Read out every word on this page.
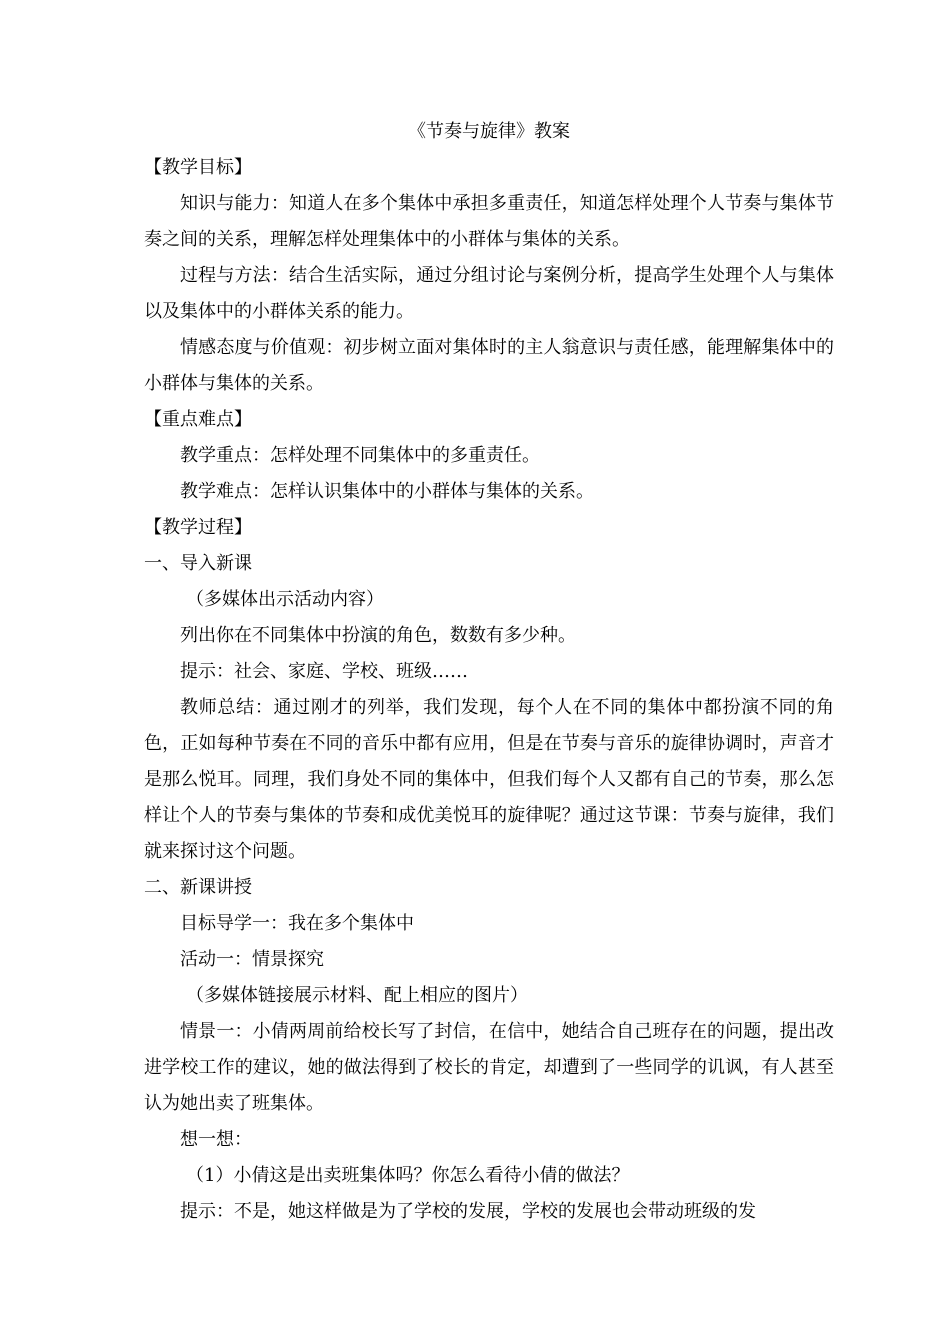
《节奏与旋律》教案

【教学目标】

知识与能力：知道人在多个集体中承担多重责任，知道怎样处理个人节奏与集体节奏之间的关系，理解怎样处理集体中的小群体与集体的关系。

过程与方法：结合生活实际，通过分组讨论与案例分析，提高学生处理个人与集体以及集体中的小群体关系的能力。

情感态度与价值观：初步树立面对集体时的主人翁意识与责任感，能理解集体中的小群体与集体的关系。

【重点难点】

教学重点：怎样处理不同集体中的多重责任。

教学难点：怎样认识集体中的小群体与集体的关系。

【教学过程】

一、导入新课

（多媒体出示活动内容）

列出你在不同集体中扮演的角色，数数有多少种。

提示：社会、家庭、学校、班级……

教师总结：通过刚才的列举，我们发现，每个人在不同的集体中都扮演不同的角色，正如每种节奏在不同的音乐中都有应用，但是在节奏与音乐的旋律协调时，声音才是那么悦耳。同理，我们身处不同的集体中，但我们每个人又都有自己的节奏，那么怎样让个人的节奏与集体的节奏和成优美悦耳的旋律呢？通过这节课：节奏与旋律，我们就来探讨这个问题。

二、新课讲授

目标导学一：我在多个集体中

活动一：情景探究

（多媒体链接展示材料、配上相应的图片）

情景一：小倩两周前给校长写了封信，在信中，她结合自己班存在的问题，提出改进学校工作的建议，她的做法得到了校长的肯定，却遭到了一些同学的讥讽，有人甚至认为她出卖了班集体。

想一想：

（1）小倩这是出卖班集体吗？你怎么看待小倩的做法？

提示：不是，她这样做是为了学校的发展，学校的发展也会带动班级的发
